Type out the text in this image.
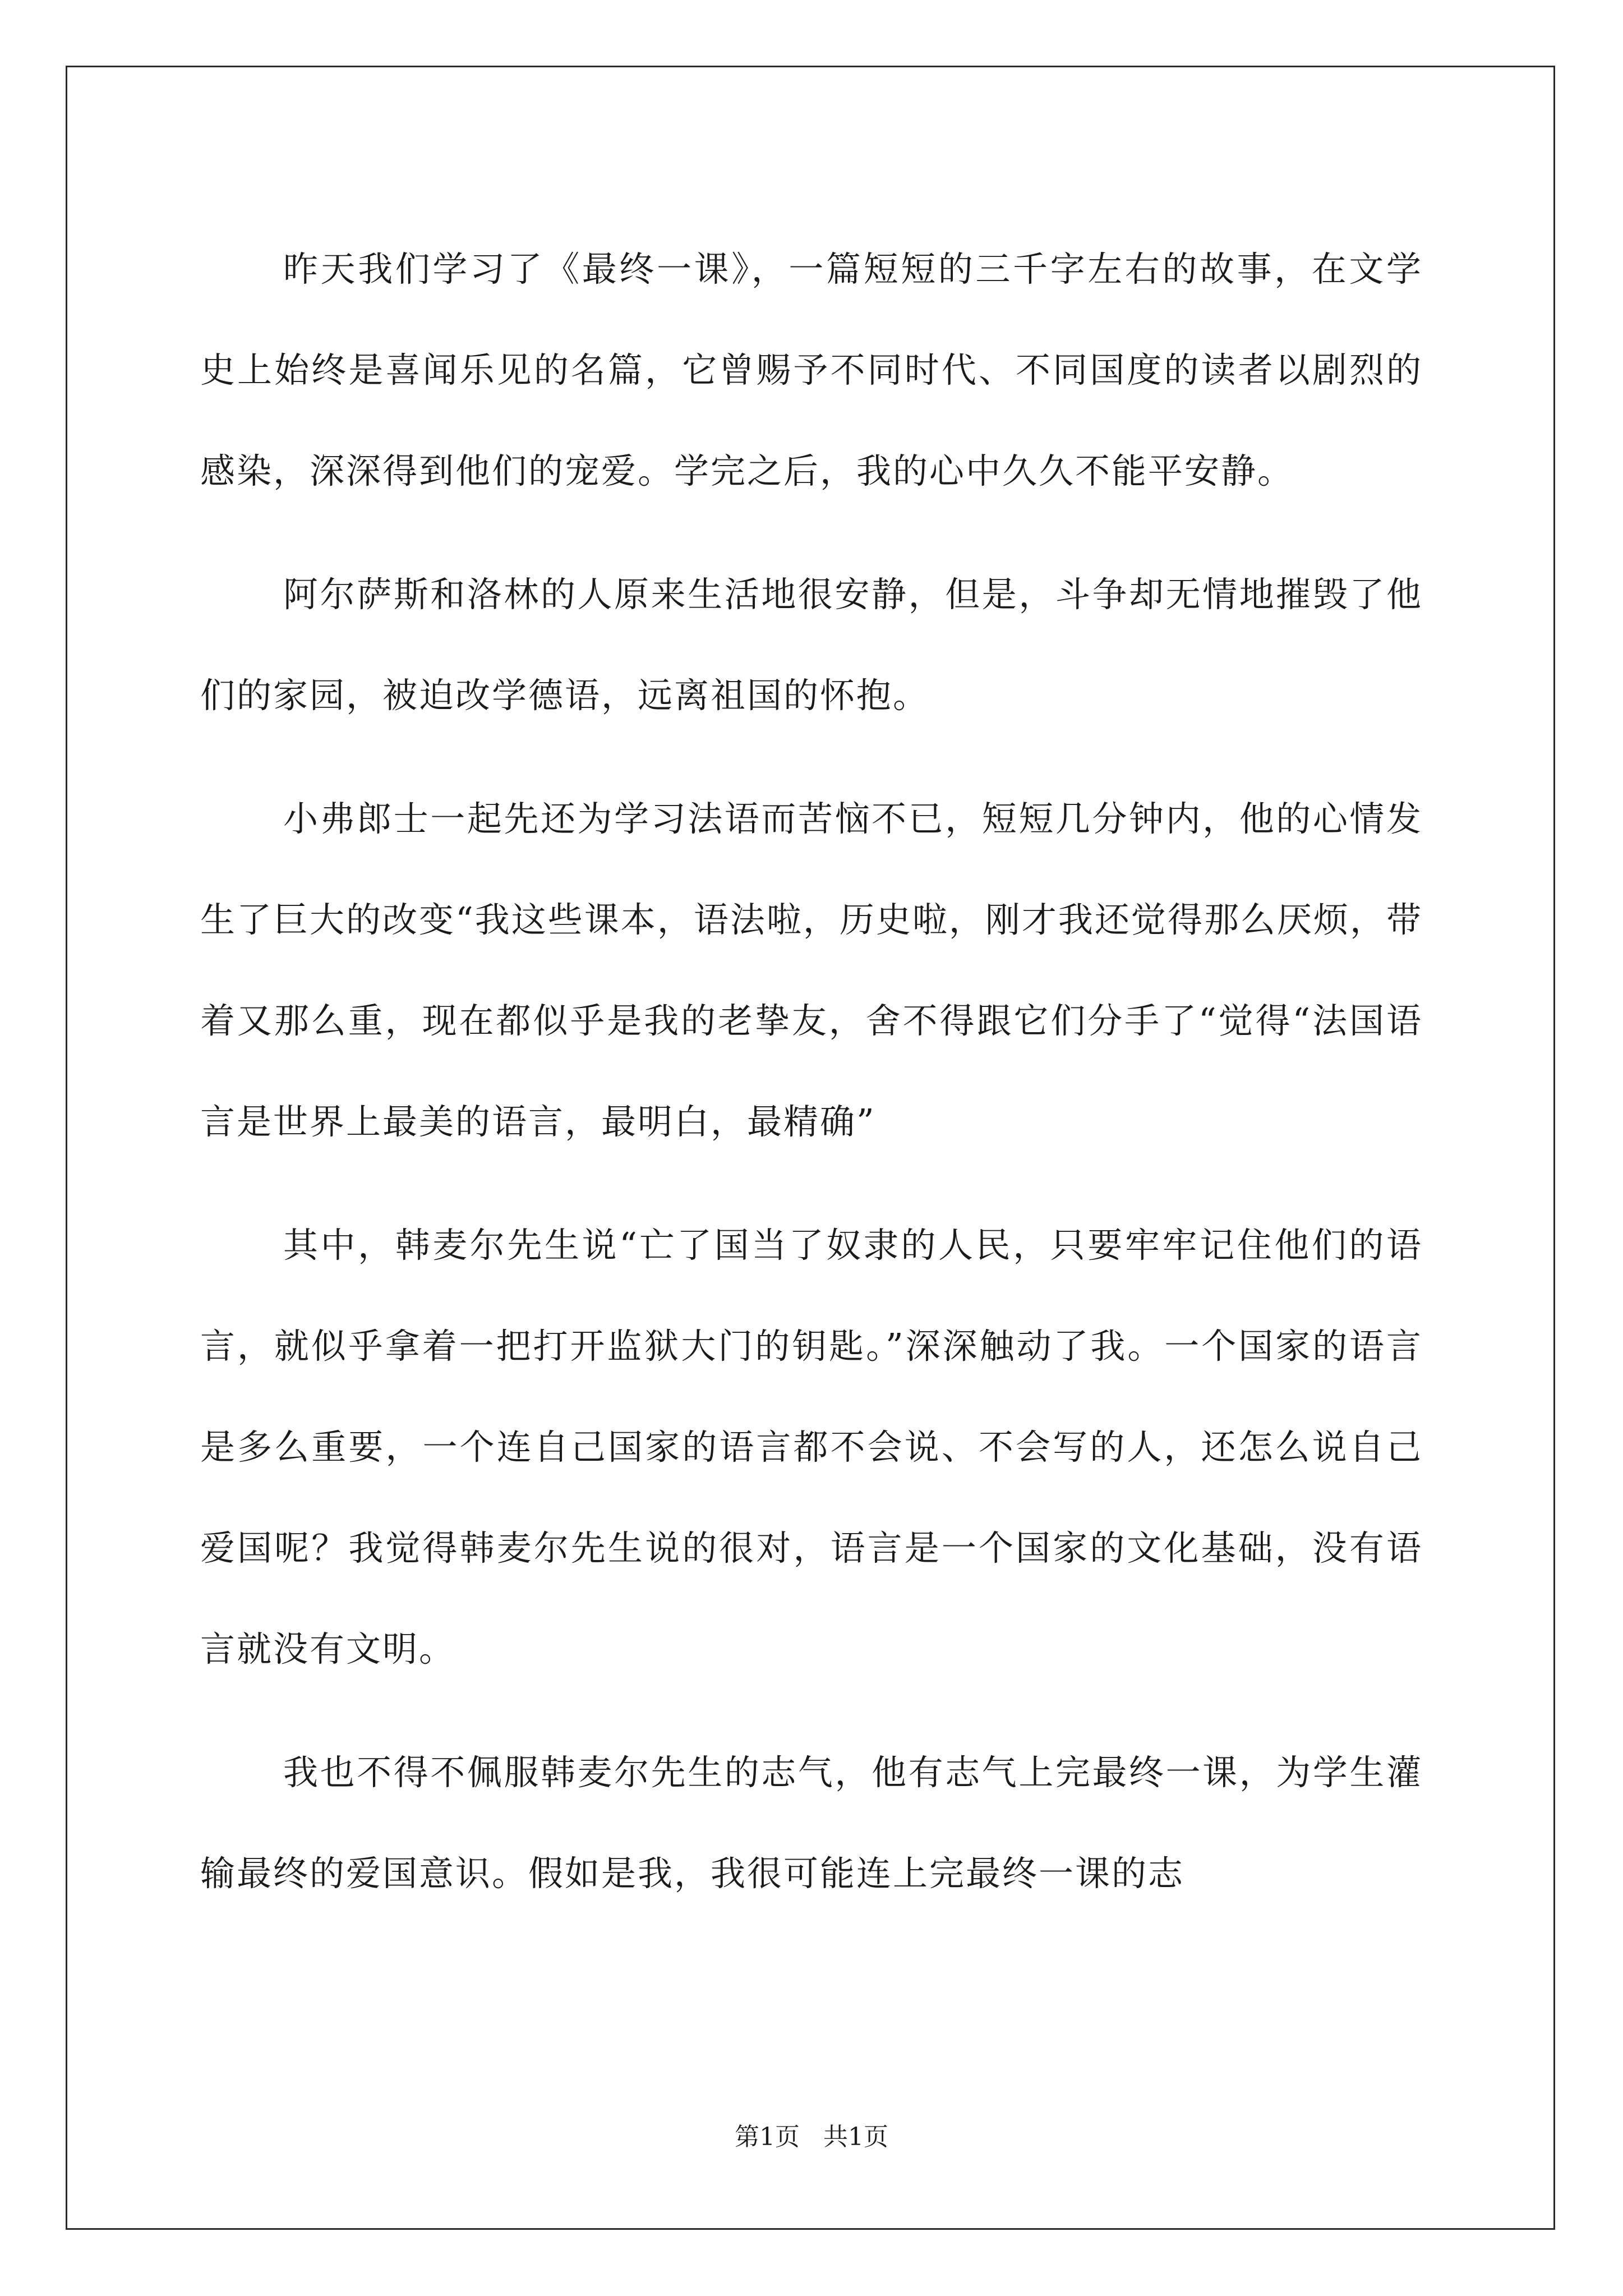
昨天我们学习了《最终一课》，一篇短短的三千字左右的故事，在文学史上始终是喜闻乐见的名篇，它曾赐予不同时代、不同国度的读者以剧烈的感染，深深得到他们的宠爱。学完之后，我的心中久久不能平安静。

阿尔萨斯和洛林的人原来生活地很安静，但是，斗争却无情地摧毁了他们的家园，被迫改学德语，远离祖国的怀抱。

小弗郎士一起先还为学习法语而苦恼不已，短短几分钟内，他的心情发生了巨大的改变“我这些课本，语法啦，历史啦，刚才我还觉得那么厌烦，带着又那么重，现在都似乎是我的老挚友，舍不得跟它们分手了“觉得“法国语言是世界上最美的语言，最明白，最精确”

其中，韩麦尔先生说“亡了国当了奴隶的人民，只要牢牢记住他们的语言，就似乎拿着一把打开监狱大门的钥匙。”深深触动了我。一个国家的语言是多么重要，一个连自己国家的语言都不会说、不会写的人，还怎么说自己爱国呢？我觉得韩麦尔先生说的很对，语言是一个国家的文化基础，没有语言就没有文明。

我也不得不佩服韩麦尔先生的志气，他有志气上完最终一课，为学生灌输最终的爱国意识。假如是我，我很可能连上完最终一课的志

第1页 共1页
